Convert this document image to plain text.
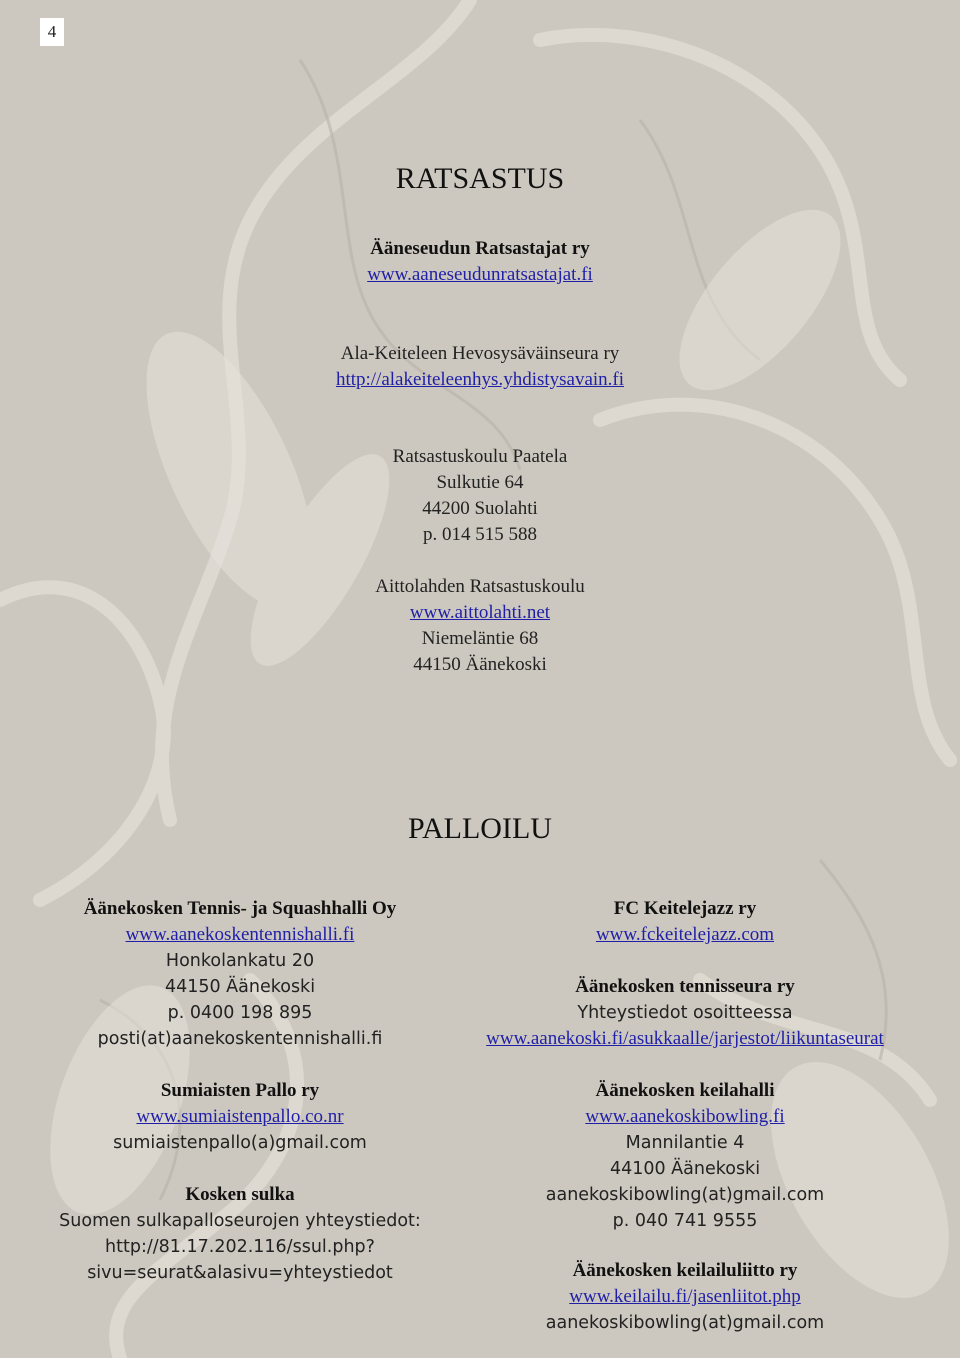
4
RATSASTUS
Ääneseudun Ratsastajat ry
www.aaneseudunratsastajat.fi
Ala-Keiteleen Hevosysäväinseura ry
http://alakeiteleenhys.yhdistysavain.fi
Ratsastuskoulu Paatela
Sulkutie 64
44200 Suolahti
p. 014 515 588
Aittolahden Ratsastuskoulu
www.aittolahti.net
Niemeläntie 68
44150 Äänekoski
PALLOILU
Äänekosken Tennis- ja Squashhalli Oy
www.aanekoskentennishalli.fi
Honkolankatu 20
44150 Äänekoski
p. 0400 198 895
posti(at)aanekoskentennishalli.fi
Sumiaisten Pallo ry
www.sumiaistenpallo.co.nr
sumiaistenpallo(a)gmail.com
Kosken sulka
Suomen sulkapalloseurojen yhteystiedot:
http://81.17.202.116/ssul.php?
sivu=seurat&alasivu=yhteystiedot
FC Keitelejazz ry
www.fckeitelejazz.com
Äänekosken tennisseura ry
Yhteystiedot osoitteessa
www.aanekoski.fi/asukkaalle/jarjestot/liikuntaseurat
Äänekosken keilahalli
www.aanekoskibowling.fi
Mannilantie 4
44100 Äänekoski
aanekoskibowling(at)gmail.com
p. 040 741 9555
Äänekosken keilailuliitto ry
www.keilailu.fi/jasenliitot.php
aanekoskibowling(at)gmail.com
